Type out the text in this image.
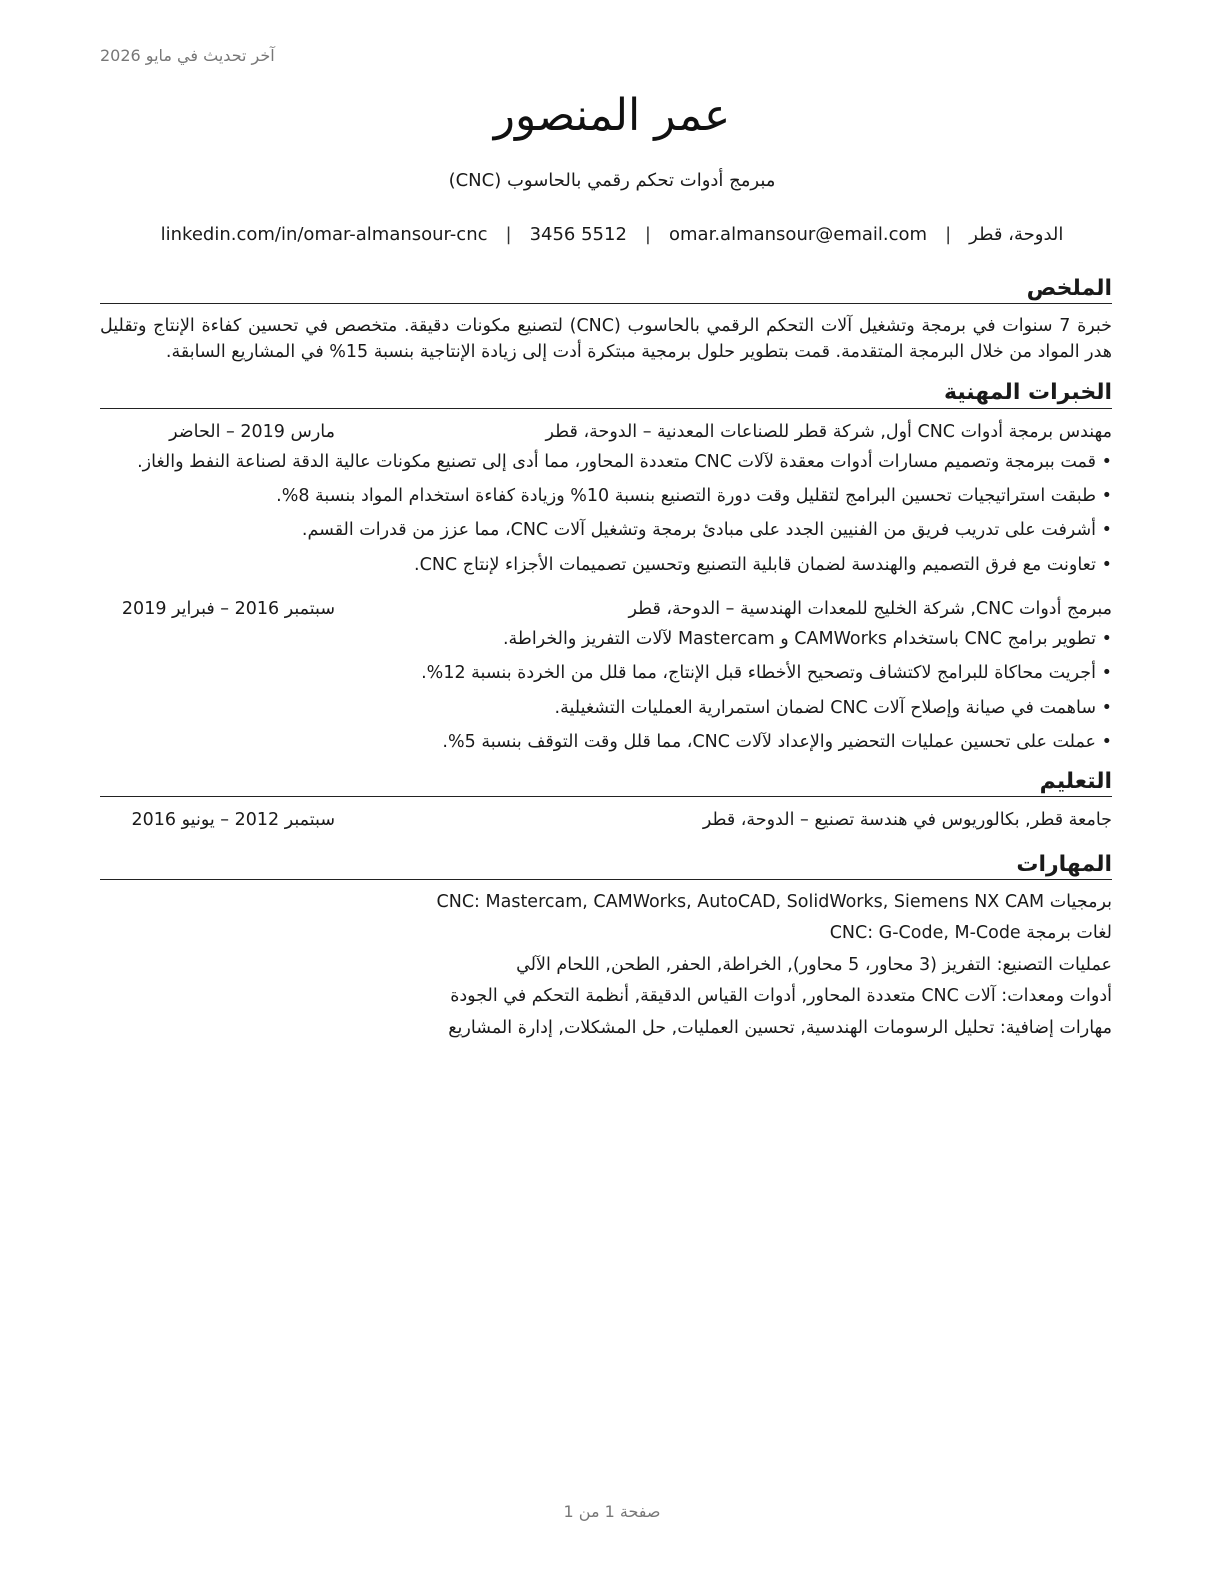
آخر تحديث في مايو 2026
عمر المنصور
مبرمج أدوات تحكم رقمي بالحاسوب (CNC)
الدوحة، قطر
|
omar.almansour@email.com
|
3456 5512
|
linkedin.com/in/omar-almansour-cnc
الملخص

خبرة 7 سنوات في برمجة وتشغيل آلات التحكم الرقمي بالحاسوب (CNC) لتصنيع مكونات دقيقة. متخصص في تحسين كفاءة الإنتاج وتقليل هدر المواد من خلال البرمجة المتقدمة. قمت بتطوير حلول برمجية مبتكرة أدت إلى زيادة الإنتاجية بنسبة 15% في المشاريع السابقة.

الخبرات المهنية
مهندس برمجة أدوات CNC أول, شركة قطر للصناعات المعدنية – الدوحة، قطر
مارس 2019 – الحاضر
• قمت ببرمجة وتصميم مسارات أدوات معقدة لآلات CNC متعددة المحاور، مما أدى إلى تصنيع مكونات عالية الدقة لصناعة النفط والغاز.
• طبقت استراتيجيات تحسين البرامج لتقليل وقت دورة التصنيع بنسبة 10% وزيادة كفاءة استخدام المواد بنسبة 8%.
• أشرفت على تدريب فريق من الفنيين الجدد على مبادئ برمجة وتشغيل آلات CNC، مما عزز من قدرات القسم.
• تعاونت مع فرق التصميم والهندسة لضمان قابلية التصنيع وتحسين تصميمات الأجزاء لإنتاج CNC.
مبرمج أدوات CNC, شركة الخليج للمعدات الهندسية – الدوحة، قطر
سبتمبر 2016 – فبراير 2019
• تطوير برامج CNC باستخدام CAMWorks و Mastercam لآلات التفريز والخراطة.
• أجريت محاكاة للبرامج لاكتشاف وتصحيح الأخطاء قبل الإنتاج، مما قلل من الخردة بنسبة 12%.
• ساهمت في صيانة وإصلاح آلات CNC لضمان استمرارية العمليات التشغيلية.
• عملت على تحسين عمليات التحضير والإعداد لآلات CNC، مما قلل وقت التوقف بنسبة 5%.
التعليم
جامعة قطر, بكالوريوس في هندسة تصنيع – الدوحة، قطر
سبتمبر 2012 – يونيو 2016
المهارات

برمجيات CNC: Mastercam, CAMWorks, AutoCAD, SolidWorks, Siemens NX CAM

لغات برمجة CNC: G-Code, M-Code

عمليات التصنيع: التفريز (3 محاور، 5 محاور), الخراطة, الحفر, الطحن, اللحام الآلي

أدوات ومعدات: آلات CNC متعددة المحاور, أدوات القياس الدقيقة, أنظمة التحكم في الجودة

مهارات إضافية: تحليل الرسومات الهندسية, تحسين العمليات, حل المشكلات, إدارة المشاريع

صفحة 1 من 1
